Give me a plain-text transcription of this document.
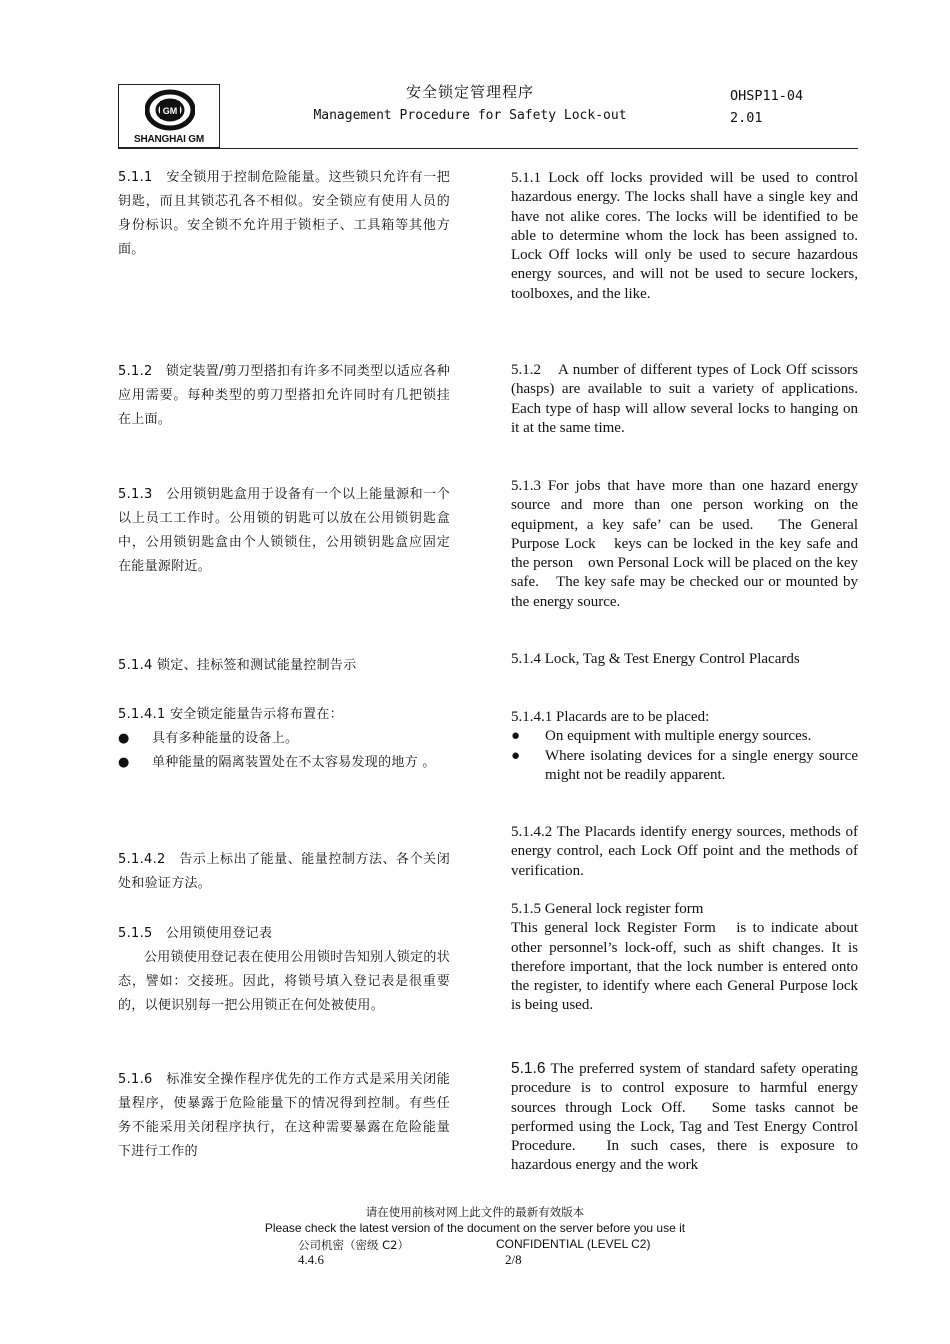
GM
SHANGHAI GM
安全锁定管理程序
Management Procedure for Safety Lock-out
OHSP11-04
2.01

5.1.1　安全锁用于控制危险能量。这些锁只允许有一把钥匙，而且其锁芯孔各不相似。安全锁应有使用人员的身份标识。安全锁不允许用于锁柜子、工具箱等其他方面。

5.1.2　锁定装置/剪刀型搭扣有许多不同类型以适应各种应用需要。每种类型的剪刀型搭扣允许同时有几把锁挂在上面。

5.1.3　公用锁钥匙盒用于设备有一个以上能量源和一个以上员工工作时。公用锁的钥匙可以放在公用锁钥匙盒中，公用锁钥匙盒由个人锁锁住，公用锁钥匙盒应固定在能量源附近。

5.1.4 锁定、挂标签和测试能量控制告示

5.1.4.1 安全锁定能量告示将布置在：

● 具有多种能量的设备上。
● 单种能量的隔离装置处在不太容易发现的地方 。

5.1.4.2　告示上标出了能量、能量控制方法、各个关闭处和验证方法。

5.1.5　公用锁使用登记表

公用锁使用登记表在使用公用锁时告知别人锁定的状态，譬如：交接班。因此，将锁号填入登记表是很重要的，以便识别每一把公用锁正在何处被使用。

5.1.6　标准安全操作程序优先的工作方式是采用关闭能量程序，使暴露于危险能量下的情况得到控制。有些任务不能采用关闭程序执行，在这种需要暴露在危险能量下进行工作的

5.1.1 Lock off locks provided will be used to control hazardous energy. The locks shall have a single key and have not alike cores. The locks will be identified to be able to determine whom the lock has been assigned to. Lock Off locks will only be used to secure hazardous energy sources, and will not be used to secure lockers, toolboxes, and the like.

5.1.2　A number of different types of Lock Off scissors (hasps) are available to suit a variety of applications.　Each type of hasp will allow several locks to hanging on it at the same time.

5.1.3 For jobs that have more than one hazard energy source and more than one person working on the equipment, a key safe’ can be used.　The General Purpose Lock　keys can be locked in the key safe and the person　own Personal Lock will be placed on the key safe.　The key safe may be checked our or mounted by the energy source.

5.1.4 Lock, Tag & Test Energy Control Placards

5.1.4.1 Placards are to be placed:

● On equipment with multiple energy sources.
● Where isolating devices for a single energy source might not be readily apparent.

5.1.4.2 The Placards identify energy sources, methods of energy control, each Lock Off point and the methods of verification.

5.1.5 General lock register form

This general lock Register Form　is to indicate about other personnel’s lock-off, such as shift changes. It is therefore important, that the lock number is entered onto the register, to identify where each General Purpose lock is being used.

5.1.6 The preferred system of standard safety operating procedure is to control exposure to harmful energy sources through Lock Off.　Some tasks cannot be performed using the Lock, Tag and Test Energy Control Procedure.　In such cases, there is exposure to hazardous energy and the work

请在使用前核对网上此文件的最新有效版本
Please check the latest version of the document on the server before you use it
公司机密（密级 C2）	CONFIDENTIAL (LEVEL C2)
4.4.6	2/8
